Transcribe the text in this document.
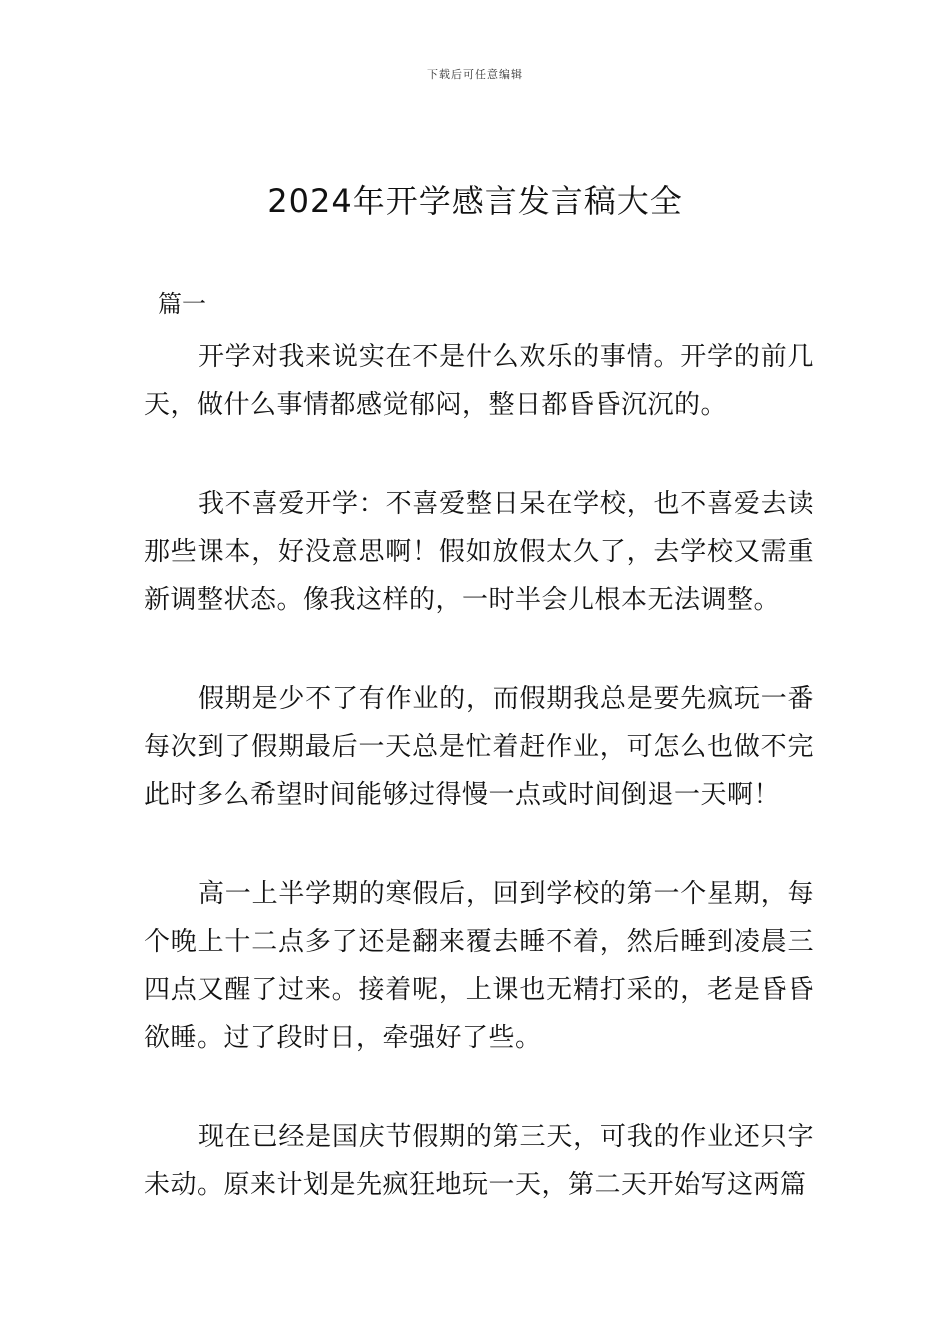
下载后可任意编辑
2024年开学感言发言稿大全
篇一

开学对我来说实在不是什么欢乐的事情。开学的前几天，做什么事情都感觉郁闷，整日都昏昏沉沉的。

我不喜爱开学：不喜爱整日呆在学校，也不喜爱去读那些课本，好没意思啊！假如放假太久了，去学校又需重新调整状态。像我这样的，一时半会儿根本无法调整。

假期是少不了有作业的，而假期我总是要先疯玩一番每次到了假期最后一天总是忙着赶作业，可怎么也做不完此时多么希望时间能够过得慢一点或时间倒退一天啊！

高一上半学期的寒假后，回到学校的第一个星期，每个晚上十二点多了还是翻来覆去睡不着，然后睡到凌晨三四点又醒了过来。接着呢，上课也无精打采的，老是昏昏欲睡。过了段时日，牵强好了些。

现在已经是国庆节假期的第三天，可我的作业还只字未动。原来计划是先疯狂地玩一天，第二天开始写这两篇
